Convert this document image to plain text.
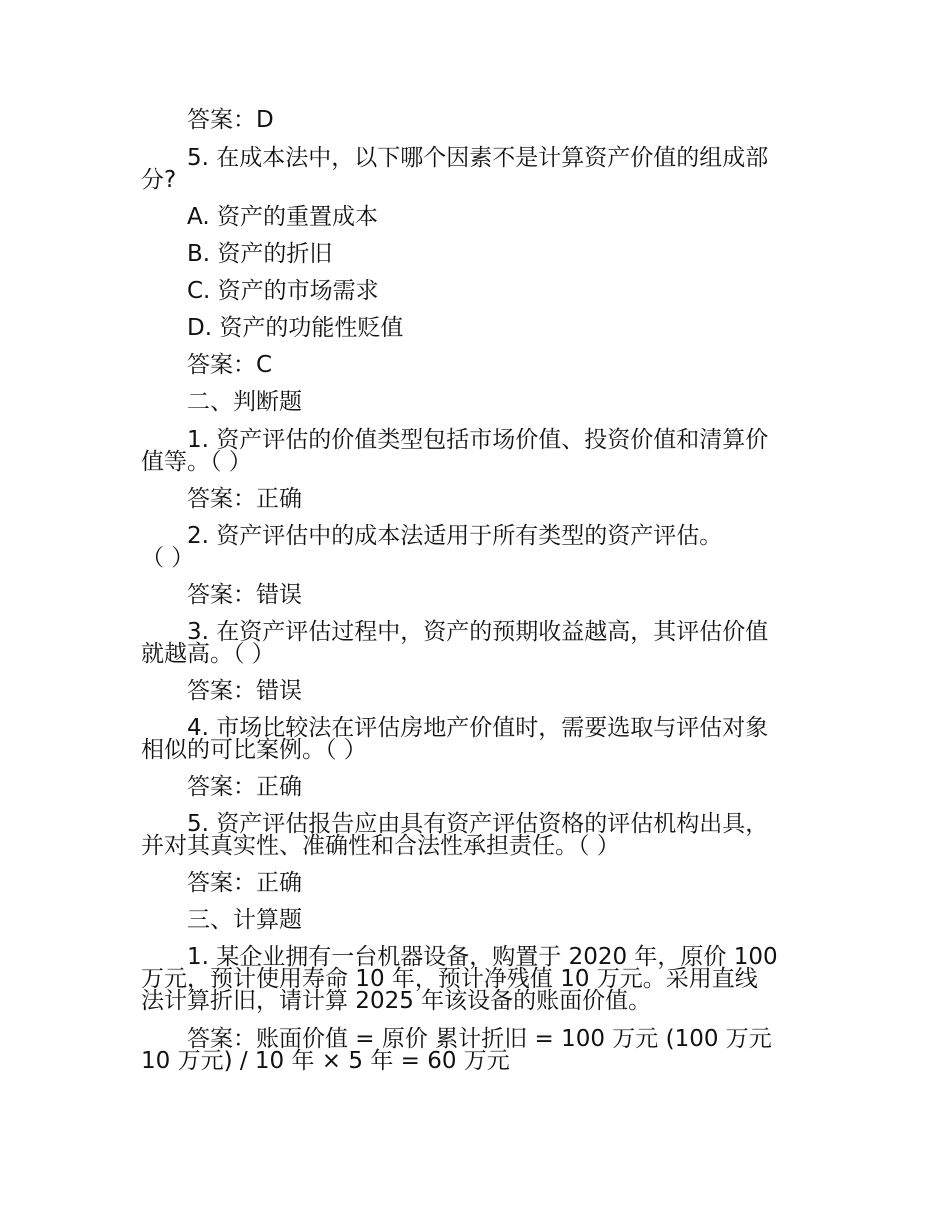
答案：D
5. 在成本法中，以下哪个因素不是计算资产价值的组成部
分?
A. 资产的重置成本
B. 资产的折旧
C. 资产的市场需求
D. 资产的功能性贬值
答案：C
二、判断题
1. 资产评估的价值类型包括市场价值、投资价值和清算价
值等。（ ）
答案：正确
2. 资产评估中的成本法适用于所有类型的资产评估。
（ ）
答案：错误
3. 在资产评估过程中，资产的预期收益越高，其评估价值
就越高。（ ）
答案：错误
4. 市场比较法在评估房地产价值时，需要选取与评估对象
相似的可比案例。（ ）
答案：正确
5. 资产评估报告应由具有资产评估资格的评估机构出具，
并对其真实性、准确性和合法性承担责任。（ ）
答案：正确
三、计算题
1. 某企业拥有一台机器设备，购置于 2020 年，原价 100
万元，预计使用寿命 10 年，预计净残值 10 万元。采用直线
法计算折旧，请计算 2025 年该设备的账面价值。
答案：账面价值 = 原价 累计折旧 = 100 万元 (100 万元
10 万元) / 10 年 × 5 年 = 60 万元
